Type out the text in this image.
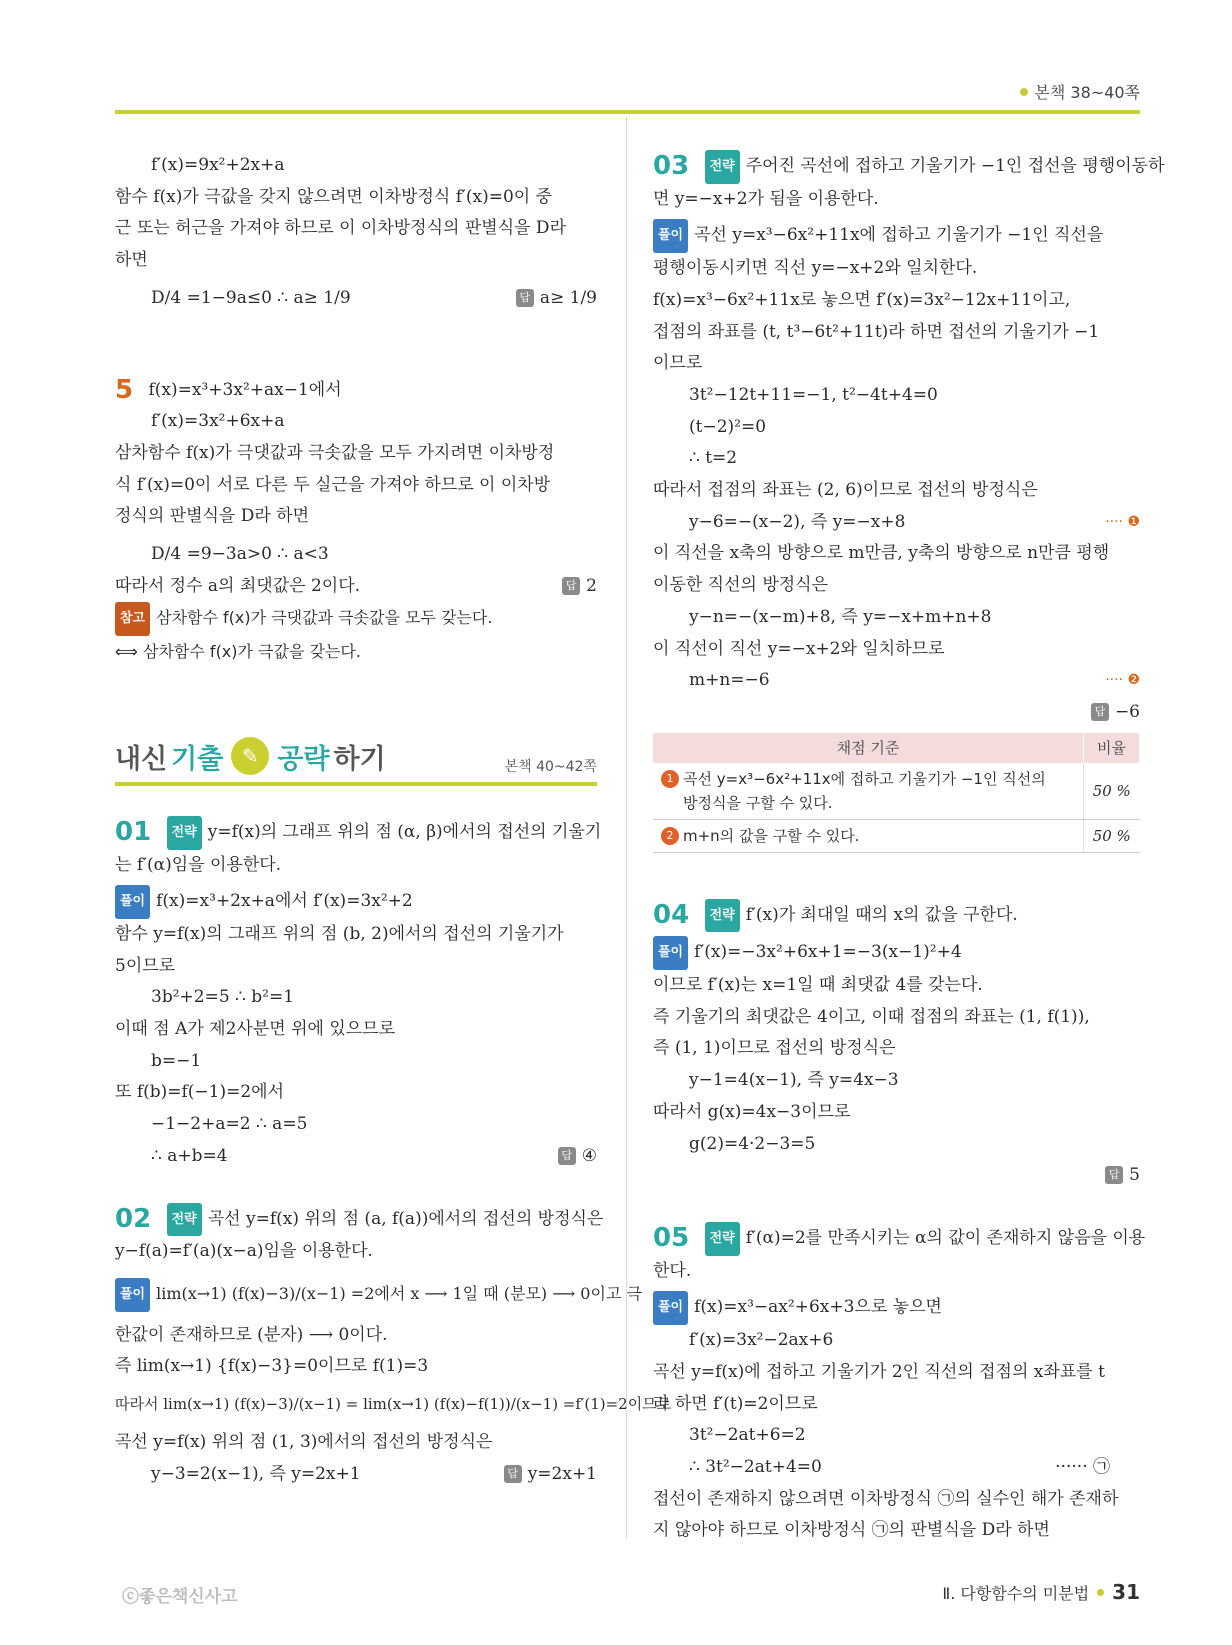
본책 38~40쪽
f′(x)=9x²+2x+a
함수 f(x)가 극값을 갖지 않으려면 이차방정식 f′(x)=0이 중
근 또는 허근을 가져야 하므로 이 이차방정식의 판별식을 D라
하면
D/4 =1−9a≤0 ∴ a≥ 1/9	답 a≥ 1/9
5 f(x)=x³+3x²+ax−1에서
f′(x)=3x²+6x+a
삼차함수 f(x)가 극댓값과 극솟값을 모두 가지려면 이차방정
식 f′(x)=0이 서로 다른 두 실근을 가져야 하므로 이 이차방
정식의 판별식을 D라 하면
D/4 =9−3a>0 ∴ a<3
따라서 정수 a의 최댓값은 2이다.	답 2
참고 삼차함수 f(x)가 극댓값과 극솟값을 모두 갖는다.
⟺ 삼차함수 f(x)가 극값을 갖는다.
내신 기출 ✎ 공략 하기	본책 40~42쪽
01 전략 y=f(x)의 그래프 위의 점 (α, β)에서의 접선의 기울기
는 f′(α)임을 이용한다.
풀이 f(x)=x³+2x+a에서 f′(x)=3x²+2
함수 y=f(x)의 그래프 위의 점 (b, 2)에서의 접선의 기울기가
5이므로
3b²+2=5 ∴ b²=1
이때 점 A가 제2사분면 위에 있으므로
b=−1
또 f(b)=f(−1)=2에서
−1−2+a=2 ∴ a=5
∴ a+b=4	답 ④
02 전략 곡선 y=f(x) 위의 점 (a, f(a))에서의 접선의 방정식은
y−f(a)=f′(a)(x−a)임을 이용한다.
풀이 lim(x→1) (f(x)−3)/(x−1) =2에서 x ⟶ 1일 때 (분모) ⟶ 0이고 극
한값이 존재하므로 (분자) ⟶ 0이다.
즉 lim(x→1) {f(x)−3}=0이므로 f(1)=3
따라서 lim(x→1) (f(x)−3)/(x−1) = lim(x→1) (f(x)−f(1))/(x−1) =f′(1)=2이므로
곡선 y=f(x) 위의 점 (1, 3)에서의 접선의 방정식은
y−3=2(x−1), 즉 y=2x+1	답 y=2x+1
03 전략 주어진 곡선에 접하고 기울기가 −1인 접선을 평행이동하
면 y=−x+2가 됨을 이용한다.
풀이 곡선 y=x³−6x²+11x에 접하고 기울기가 −1인 직선을
평행이동시키면 직선 y=−x+2와 일치한다.
f(x)=x³−6x²+11x로 놓으면 f′(x)=3x²−12x+11이고,
접점의 좌표를 (t, t³−6t²+11t)라 하면 접선의 기울기가 −1
이므로
3t²−12t+11=−1, t²−4t+4=0
(t−2)²=0
∴ t=2
따라서 접점의 좌표는 (2, 6)이므로 접선의 방정식은
y−6=−(x−2), 즉 y=−x+8	···· ❶
이 직선을 x축의 방향으로 m만큼, y축의 방향으로 n만큼 평행
이동한 직선의 방정식은
y−n=−(x−m)+8, 즉 y=−x+m+n+8
이 직선이 직선 y=−x+2와 일치하므로
m+n=−6	···· ❷
답 −6
채점 기준	비율

1 곡선 y=x³−6x²+11x에 접하고 기울기가 −1인 직선의
방정식을 구할 수 있다.	50 %
2 m+n의 값을 구할 수 있다.	50 %
04 전략 f′(x)가 최대일 때의 x의 값을 구한다.
풀이 f′(x)=−3x²+6x+1=−3(x−1)²+4
이므로 f′(x)는 x=1일 때 최댓값 4를 갖는다.
즉 기울기의 최댓값은 4이고, 이때 접점의 좌표는 (1, f(1)),
즉 (1, 1)이므로 접선의 방정식은
y−1=4(x−1), 즉 y=4x−3
따라서 g(x)=4x−3이므로
g(2)=4·2−3=5
답 5
05 전략 f′(α)=2를 만족시키는 α의 값이 존재하지 않음을 이용
한다.
풀이 f(x)=x³−ax²+6x+3으로 놓으면
f′(x)=3x²−2ax+6
곡선 y=f(x)에 접하고 기울기가 2인 직선의 접점의 x좌표를 t
라 하면 f′(t)=2이므로
3t²−2at+6=2
∴ 3t²−2at+4=0	······ ㉠
접선이 존재하지 않으려면 이차방정식 ㉠의 실수인 해가 존재하
지 않아야 하므로 이차방정식 ㉠의 판별식을 D라 하면
ⓒ좋은책신사고	Ⅱ. 다항함수의 미분법 31
